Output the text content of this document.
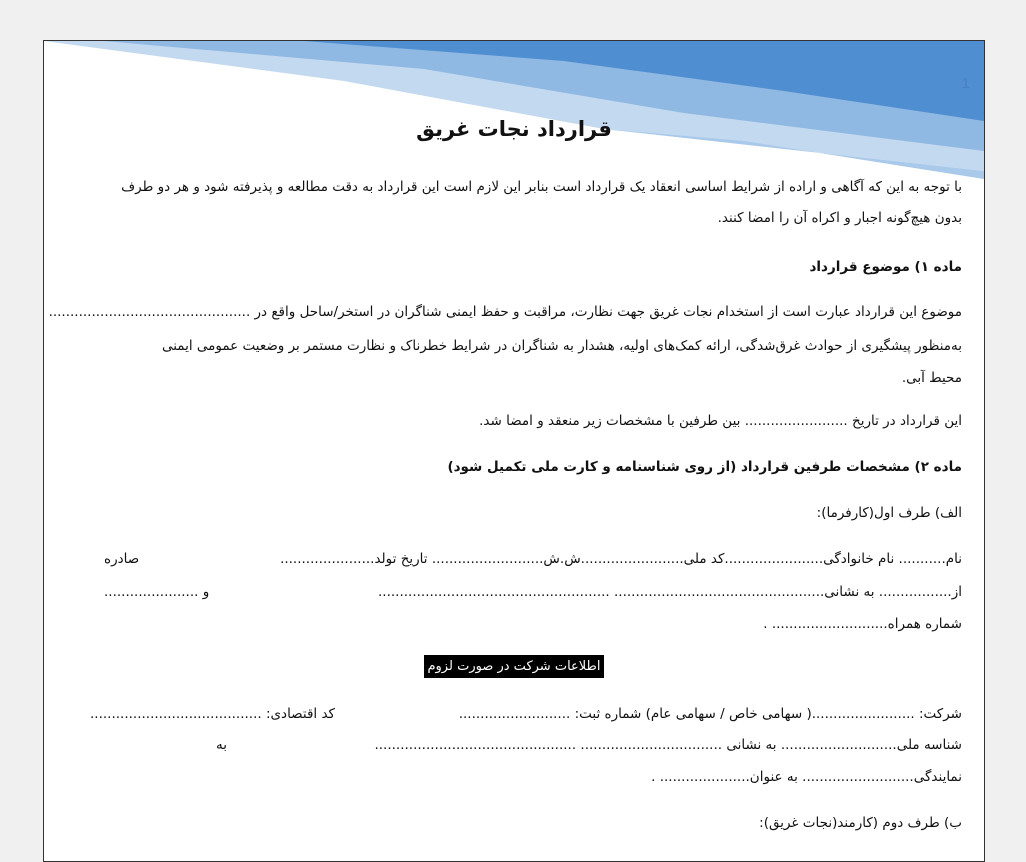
1
قرارداد نجات غریق
با توجه به این که آگاهی و اراده از شرایط اساسی انعقاد یک قرارداد است بنابر این لازم است این قرارداد به دقت مطالعه و پذیرفته شود و هر دو طرف
بدون هیچ‌گونه اجبار و اکراه آن را امضا کنند.
ماده ۱) موضوع قرارداد
موضوع این قرارداد عبارت است از استخدام نجات غریق جهت نظارت، مراقبت و حفظ ایمنی شناگران در استخر/ساحل واقع در ...............................................
به‌منظور پیشگیری از حوادث غرق‌شدگی، ارائه کمک‌های اولیه، هشدار به شناگران در شرایط خطرناک و نظارت مستمر بر وضعیت عمومی ایمنی
محیط آبی.
این قرارداد در تاریخ ........................ بین طرفین با مشخصات زیر منعقد و امضا شد.
ماده ۲) مشخصات طرفین قرارداد (از روی شناسنامه و کارت ملی تکمیل شود)
الف) طرف اول(کارفرما):
نام........... نام خانوادگی.......................کد ملی........................ش.ش.......................... تاریخ تولد......................
صادره
از................. به نشانی................................................. ......................................................
و ......................
شماره همراه........................... .
اطلاعات شرکت در صورت لزوم
شرکت: ........................( سهامی خاص / سهامی عام) شماره ثبت: ..........................
کد اقتصادی: ........................................
شناسه ملی........................... به نشانی ................................. ...............................................
به
نمایندگی.......................... به عنوان..................... .
ب) طرف دوم (کارمند(نجات غریق):
